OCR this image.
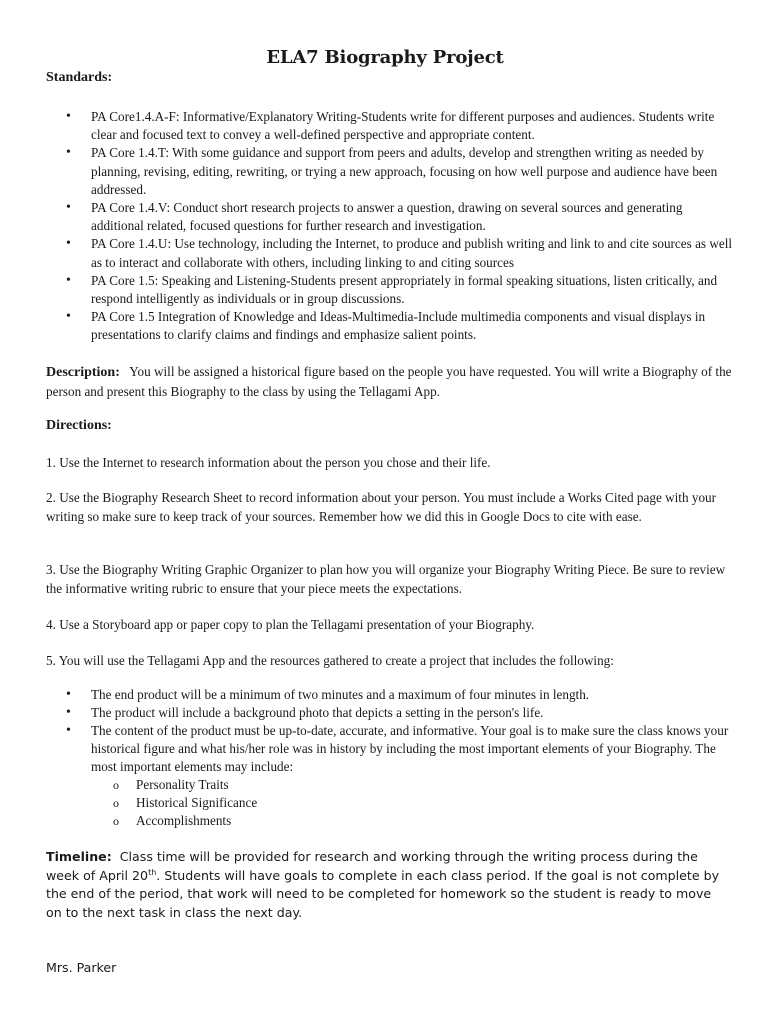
ELA7 Biography Project
Standards:
• PA Core1.4.A-F: Informative/Explanatory Writing-Students write for different purposes and audiences. Students write clear and focused text to convey a well-defined perspective and appropriate content.
• PA Core 1.4.T: With some guidance and support from peers and adults, develop and strengthen writing as needed by planning, revising, editing, rewriting, or trying a new approach, focusing on how well purpose and audience have been addressed.
• PA Core 1.4.V: Conduct short research projects to answer a question, drawing on several sources and generating additional related, focused questions for further research and investigation.
• PA Core 1.4.U: Use technology, including the Internet, to produce and publish writing and link to and cite sources as well as to interact and collaborate with others, including linking to and citing sources
• PA Core 1.5: Speaking and Listening-Students present appropriately in formal speaking situations, listen critically, and respond intelligently as individuals or in group discussions.
• PA Core 1.5 Integration of Knowledge and Ideas-Multimedia-Include multimedia components and visual displays in presentations to clarify claims and findings and emphasize salient points.
Description: You will be assigned a historical figure based on the people you have requested. You will write a Biography of the person and present this Biography to the class by using the Tellagami App.
Directions:
1. Use the Internet to research information about the person you chose and their life.
2. Use the Biography Research Sheet to record information about your person. You must include a Works Cited page with your writing so make sure to keep track of your sources. Remember how we did this in Google Docs to cite with ease.
3. Use the Biography Writing Graphic Organizer to plan how you will organize your Biography Writing Piece. Be sure to review the informative writing rubric to ensure that your piece meets the expectations.
4. Use a Storyboard app or paper copy to plan the Tellagami presentation of your Biography.
5. You will use the Tellagami App and the resources gathered to create a project that includes the following:
• The end product will be a minimum of two minutes and a maximum of four minutes in length.
• The product will include a background photo that depicts a setting in the person's life.
• The content of the product must be up-to-date, accurate, and informative. Your goal is to make sure the class knows your historical figure and what his/her role was in history by including the most important elements of your Biography. The most important elements may include:
o Personality Traits
o Historical Significance
o Accomplishments
Timeline: Class time will be provided for research and working through the writing process during the week of April 20th. Students will have goals to complete in each class period. If the goal is not complete by the end of the period, that work will need to be completed for homework so the student is ready to move on to the next task in class the next day.
Mrs. Parker
